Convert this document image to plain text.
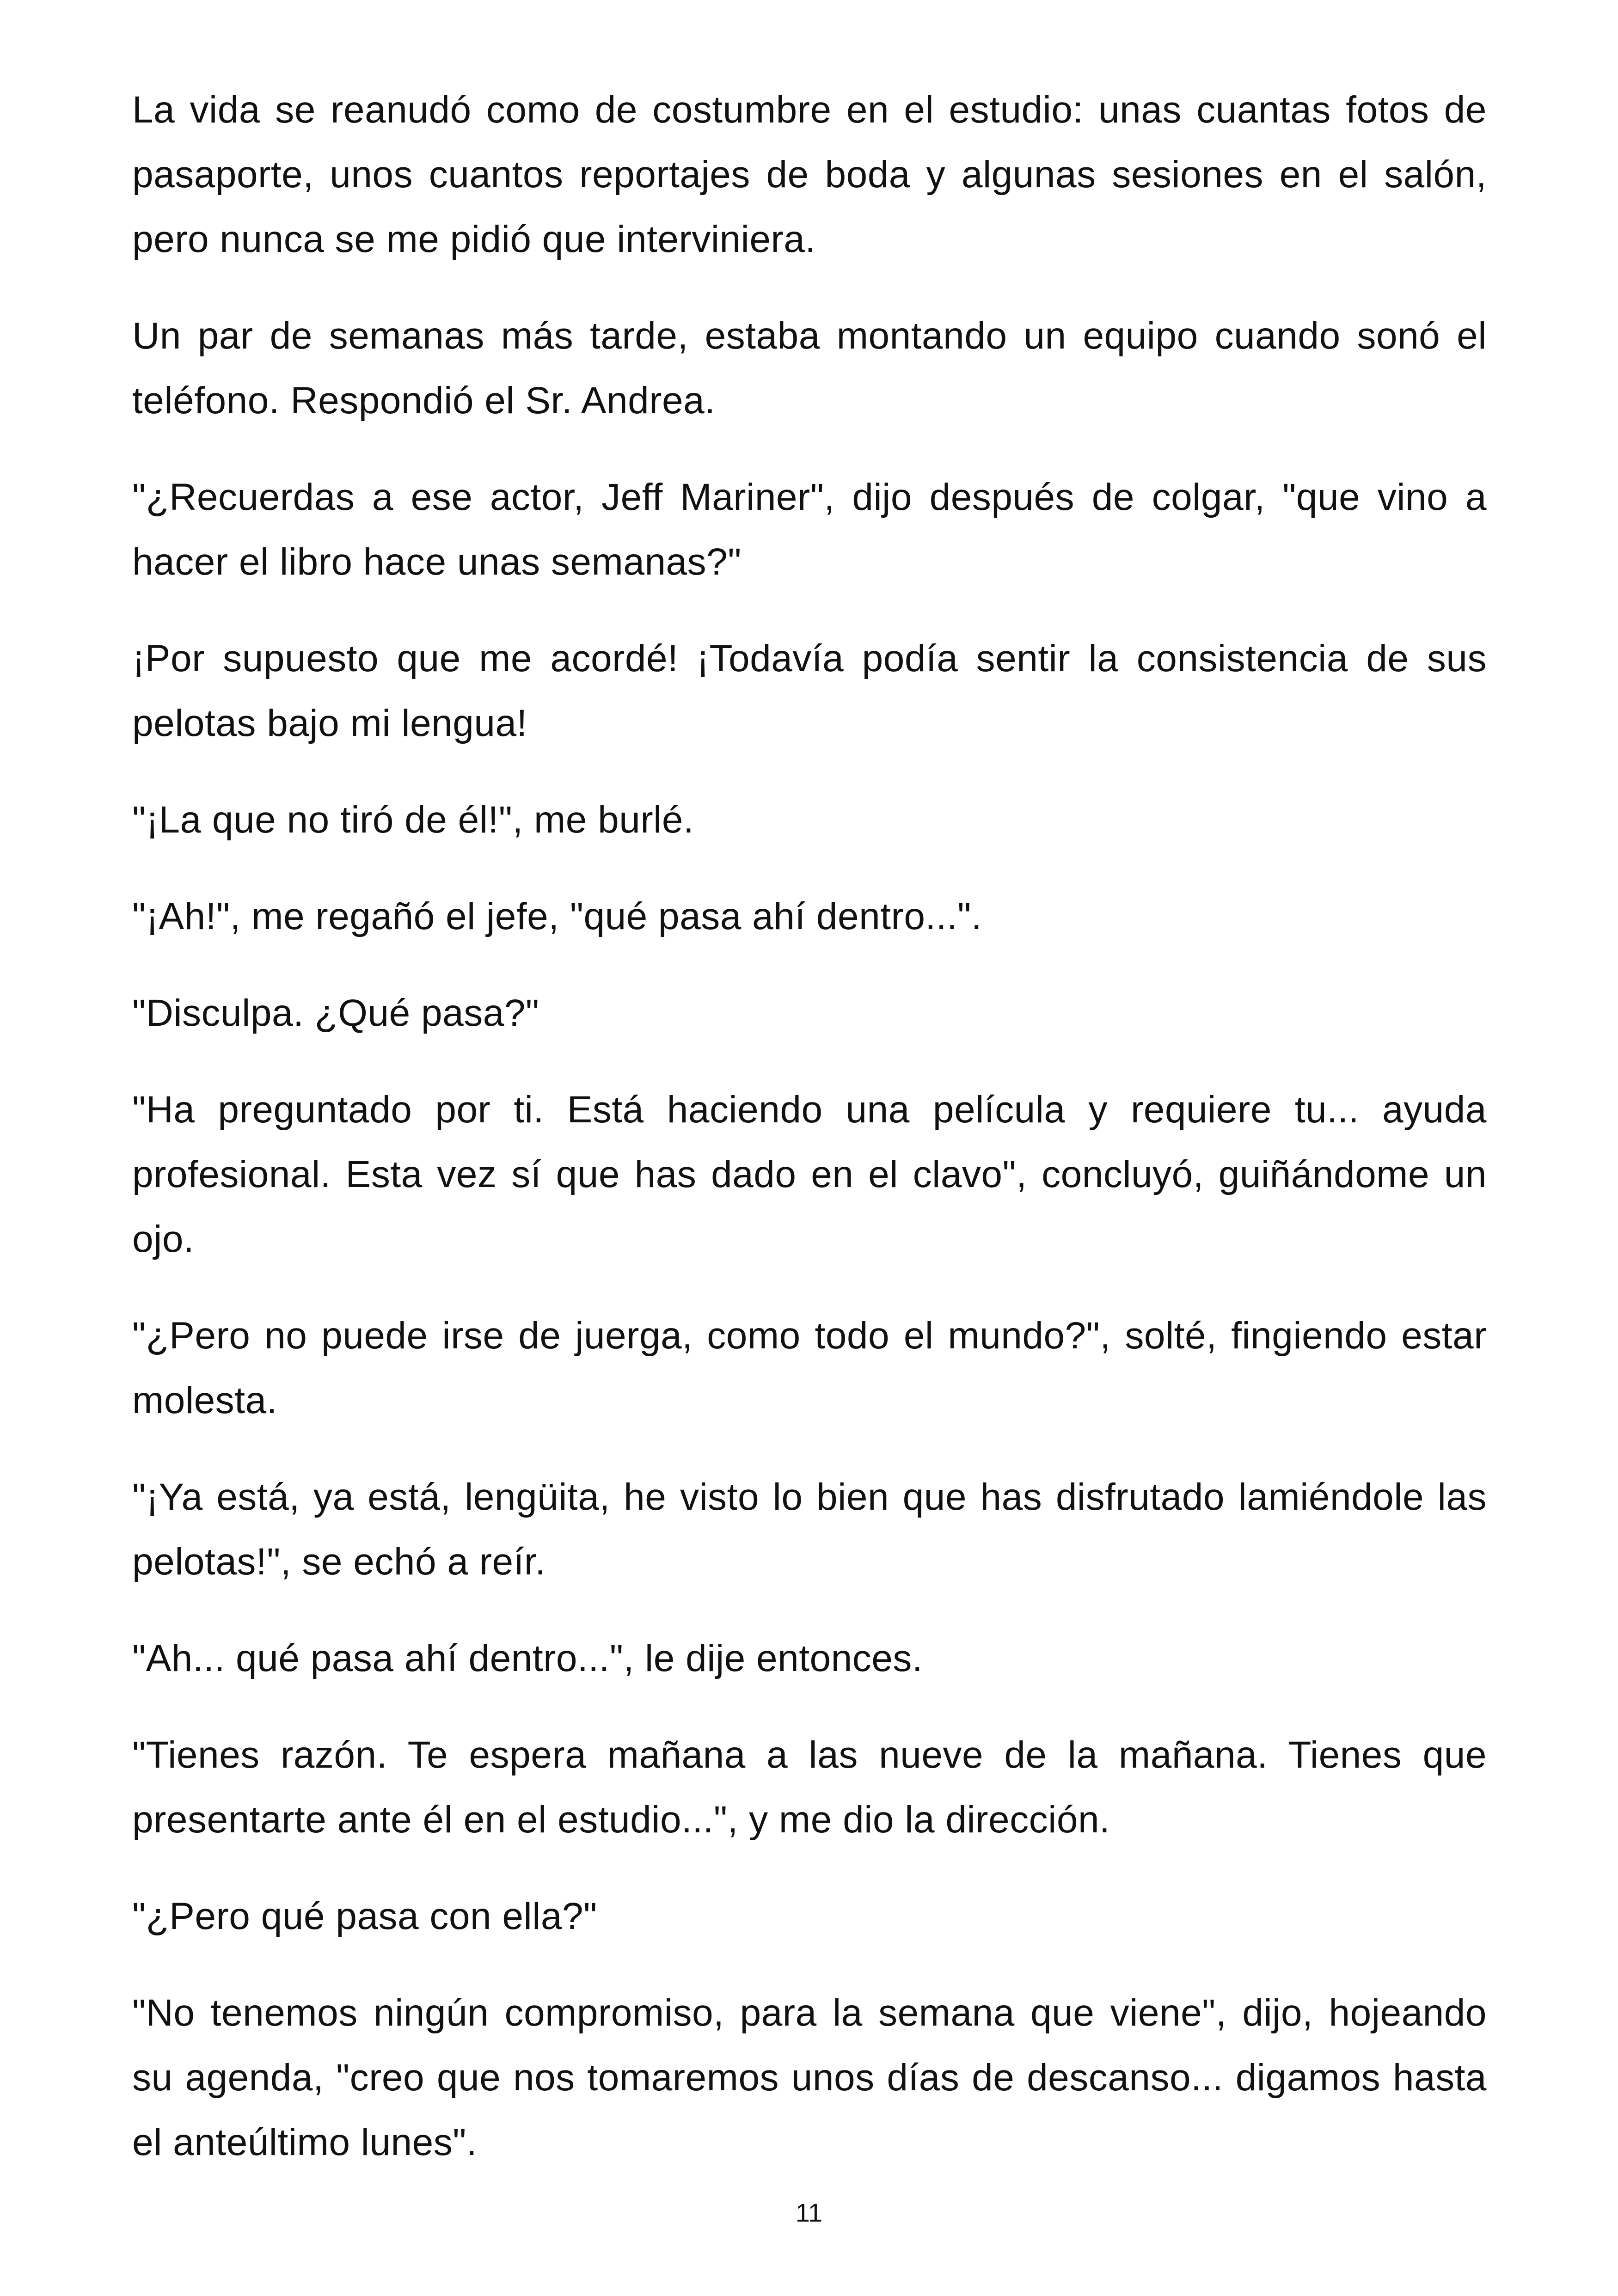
La vida se reanudó como de costumbre en el estudio: unas cuantas fotos de pasaporte, unos cuantos reportajes de boda y algunas sesiones en el salón, pero nunca se me pidió que interviniera.

Un par de semanas más tarde, estaba montando un equipo cuando sonó el teléfono. Respondió el Sr. Andrea.

"¿Recuerdas a ese actor, Jeff Mariner", dijo después de colgar, "que vino a hacer el libro hace unas semanas?"

¡Por supuesto que me acordé! ¡Todavía podía sentir la consistencia de sus pelotas bajo mi lengua!

"¡La que no tiró de él!", me burlé.

"¡Ah!", me regañó el jefe, "qué pasa ahí dentro...".

"Disculpa. ¿Qué pasa?"

"Ha preguntado por ti. Está haciendo una película y requiere tu... ayuda profesional. Esta vez sí que has dado en el clavo", concluyó, guiñándome un ojo.

"¿Pero no puede irse de juerga, como todo el mundo?", solté, fingiendo estar molesta.

"¡Ya está, ya está, lengüita, he visto lo bien que has disfrutado lamiéndole las pelotas!", se echó a reír.

"Ah... qué pasa ahí dentro...", le dije entonces.

"Tienes razón. Te espera mañana a las nueve de la mañana. Tienes que presentarte ante él en el estudio...", y me dio la dirección.

"¿Pero qué pasa con ella?"

"No tenemos ningún compromiso, para la semana que viene", dijo, hojeando su agenda, "creo que nos tomaremos unos días de descanso... digamos hasta el anteúltimo lunes".

11
